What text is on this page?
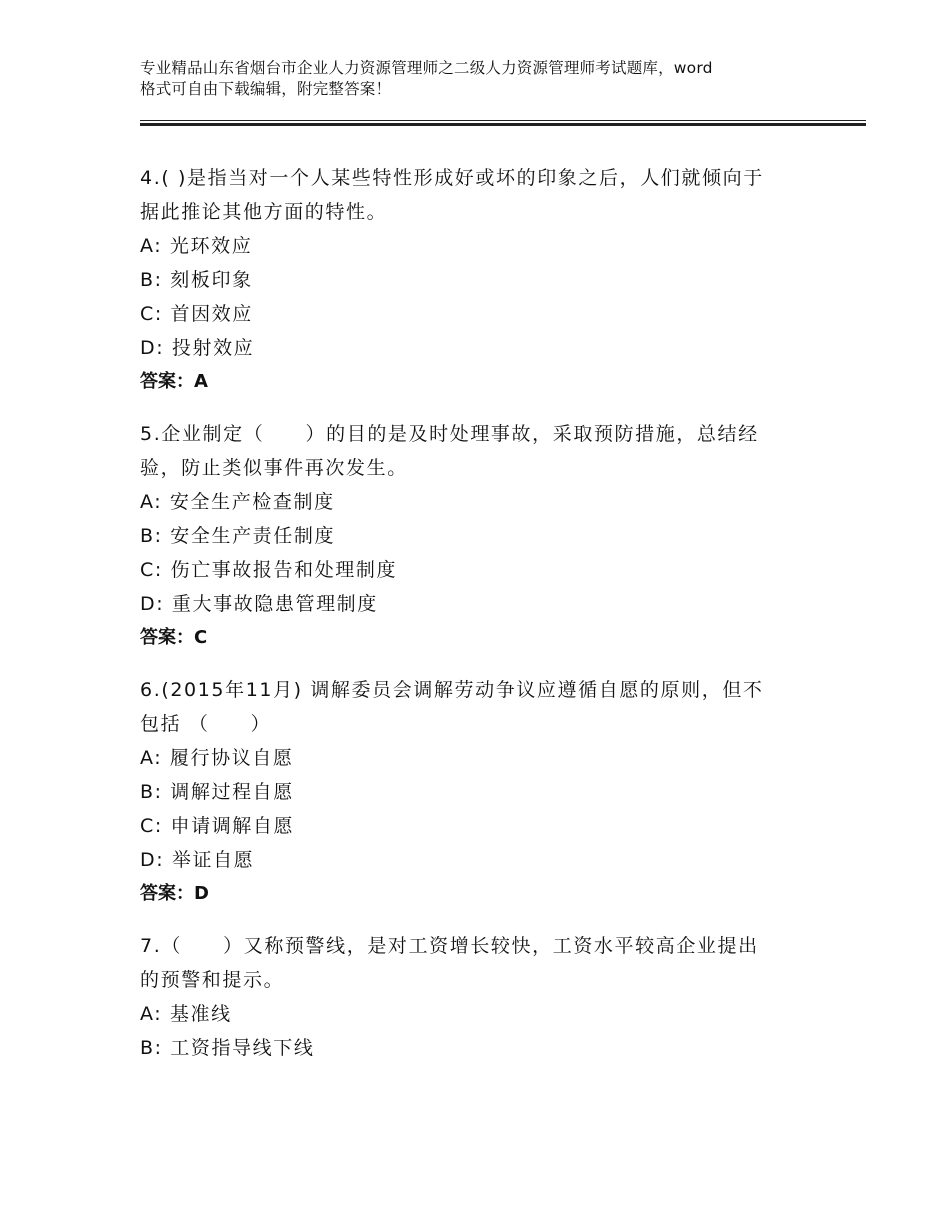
专业精品山东省烟台市企业人力资源管理师之二级人力资源管理师考试题库，word
格式可自由下载编辑，附完整答案！

4.( )是指当对一个人某些特性形成好或坏的印象之后，人们就倾向于
据此推论其他方面的特性。

A: 光环效应

B: 刻板印象

C: 首因效应

D: 投射效应

答案：A

5.企业制定（　　）的目的是及时处理事故，采取预防措施，总结经
验，防止类似事件再次发生。

A: 安全生产检查制度

B: 安全生产责任制度

C: 伤亡事故报告和处理制度

D: 重大事故隐患管理制度

答案：C

6.(2015年11月) 调解委员会调解劳动争议应遵循自愿的原则，但不
包括 （　　）

A: 履行协议自愿

B: 调解过程自愿

C: 申请调解自愿

D: 举证自愿

答案：D

7.（　　）又称预警线，是对工资增长较快，工资水平较高企业提出
的预警和提示。

A: 基准线

B: 工资指导线下线
